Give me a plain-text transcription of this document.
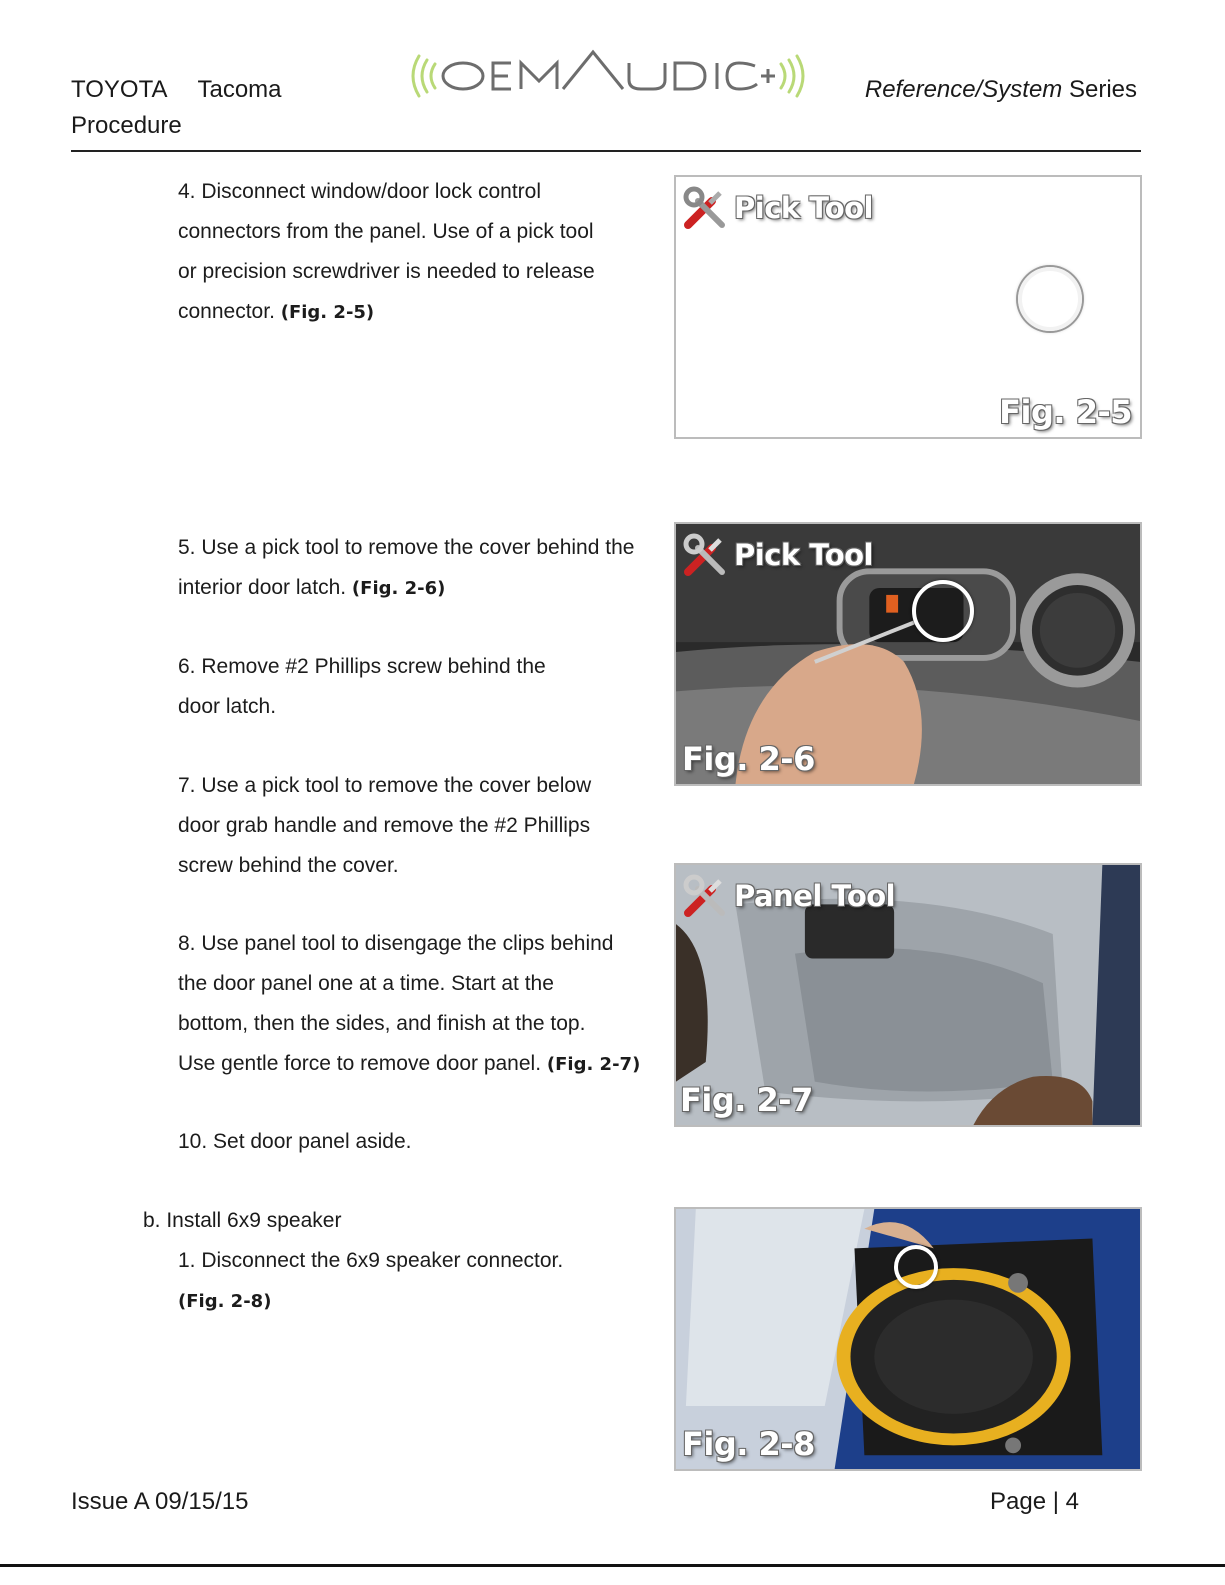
TOYOTA Tacoma
Procedure
Reference/System Series
4. Disconnect window/door lock control
connectors from the panel. Use of a pick tool
or precision screwdriver is needed to release
connector. (Fig. 2-5)
5. Use a pick tool to remove the cover behind the
interior door latch. (Fig. 2-6)
6. Remove #2 Phillips screw behind the
door latch.
7. Use a pick tool to remove the cover below
door grab handle and remove the #2 Phillips
screw behind the cover.
8. Use panel tool to disengage the clips behind
the door panel one at a time. Start at the
bottom, then the sides, and finish at the top.
Use gentle force to remove door panel. (Fig. 2-7)
10. Set door panel aside.
b. Install 6x9 speaker
1. Disconnect the 6x9 speaker connector.
(Fig. 2-8)
Pick Tool
Fig. 2-5
Pick Tool
Fig. 2-6
Panel Tool
Fig. 2-7
Fig. 2-8
Issue A 09/15/15	Page | 4
